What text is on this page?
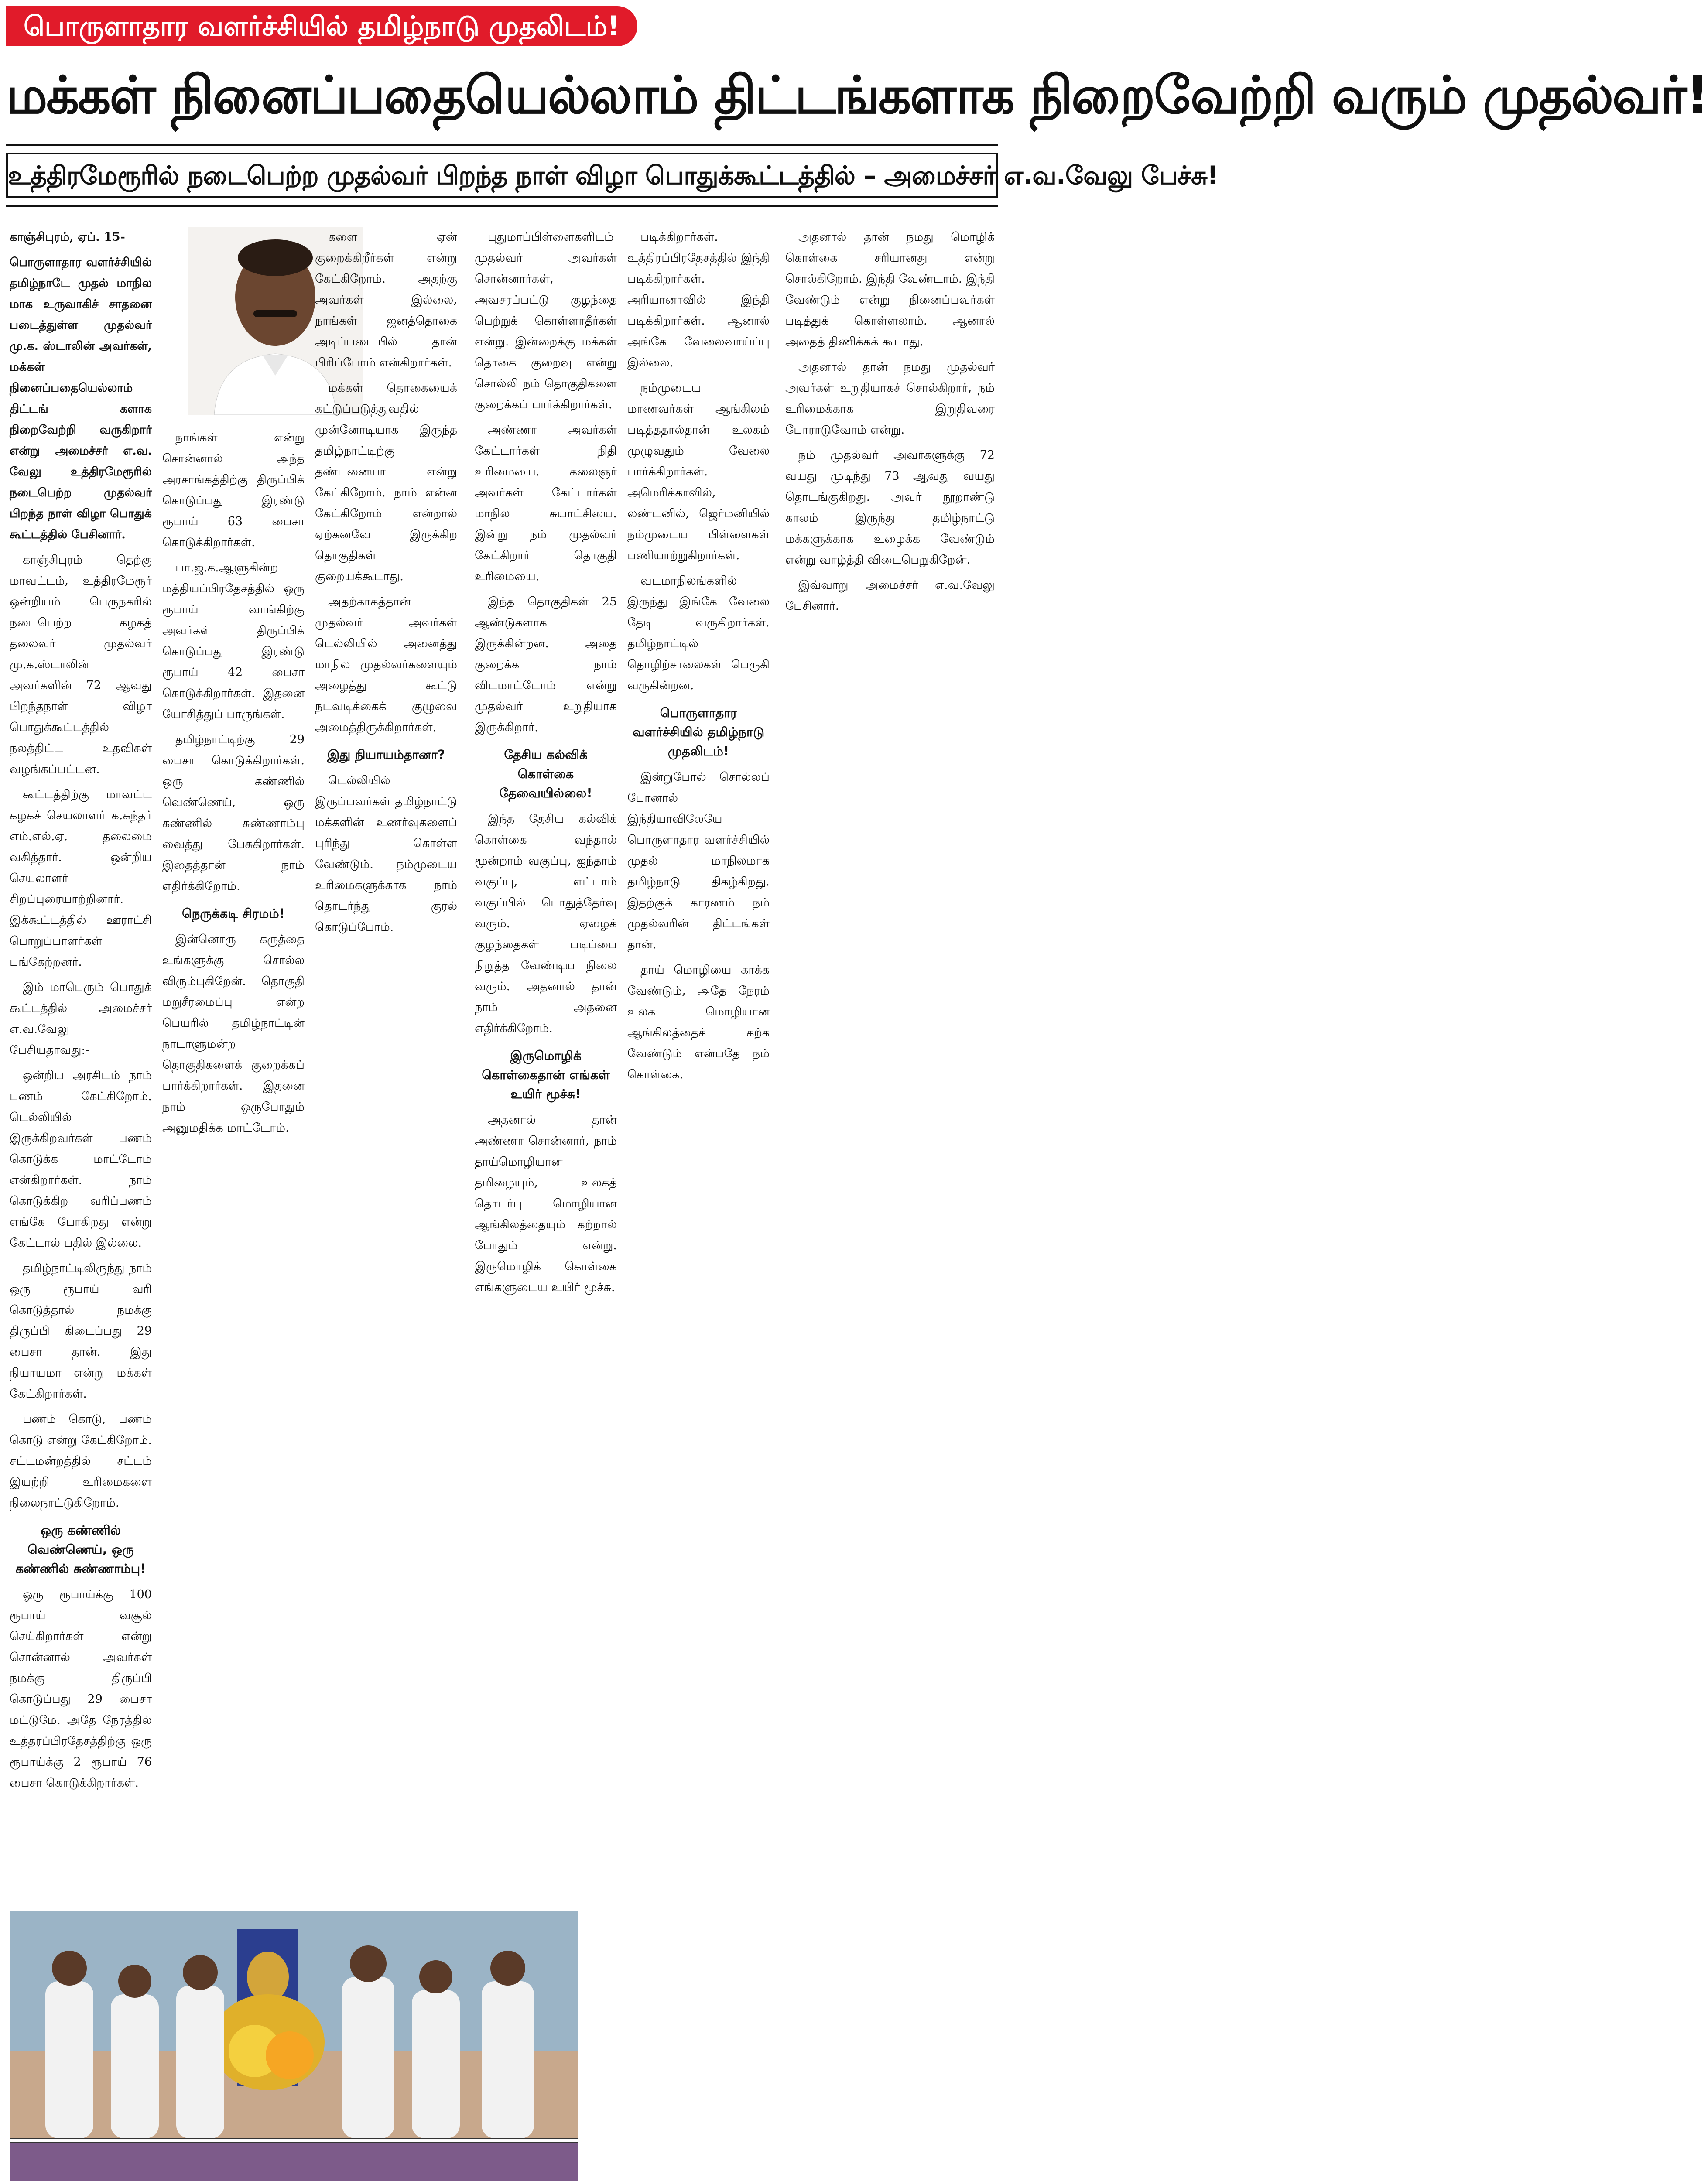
பொருளாதார வளர்ச்சியில் தமிழ்நாடு முதலிடம்!
மக்கள் நினைப்பதையெல்லாம் திட்டங்களாக நிறைவேற்றி வரும் முதல்வர்!
உத்திரமேரூரில் நடைபெற்ற முதல்வர் பிறந்த நாள் விழா பொதுக்கூட்டத்தில் – அமைச்சர் எ.வ.வேலு பேச்சு!

காஞ்சிபுரம், ஏப். 15-

பொருளாதார வளர்ச்சியில் தமிழ்நாடே முதல் மாநில மாக உருவாகிச் சாதனை படைத்துள்ள முதல்வர் மு.க. ஸ்டாலின் அவர்கள், மக்கள் நினைப்பதையெல்லாம் திட்டங் களாக நிறைவேற்றி வருகிறார் என்று அமைச்சர் எ.வ. வேலு உத்திரமேரூரில் நடைபெற்ற முதல்வர் பிறந்த நாள் விழா பொதுக் கூட்டத்தில் பேசினார்.

காஞ்சிபுரம் தெற்கு மாவட்டம், உத்திரமேரூர் ஒன்றியம் பெருநகரில் நடைபெற்ற கழகத் தலைவர் முதல்வர் மு.க.ஸ்டாலின் அவர்களின் 72 ஆவது பிறந்தநாள் விழா பொதுக்கூட்டத்தில் நலத்திட்ட உதவிகள் வழங்கப்பட்டன.

கூட்டத்திற்கு மாவட்ட கழகச் செயலாளர் க.சுந்தர் எம்.எல்.ஏ. தலைமை வகித்தார். ஒன்றிய செயலாளர் சிறப்புரையாற்றினார். இக்கூட்டத்தில் ஊராட்சி பொறுப்பாளர்கள் பங்கேற்றனர்.

இம் மாபெரும் பொதுக் கூட்டத்தில் அமைச்சர் எ.வ.வேலு பேசியதாவது:-

ஒன்றிய அரசிடம் நாம் பணம் கேட்கிறோம். டெல்லியில் இருக்கிறவர்கள் பணம் கொடுக்க மாட்டோம் என்கிறார்கள். நாம் கொடுக்கிற வரிப்பணம் எங்கே போகிறது என்று கேட்டால் பதில் இல்லை.

தமிழ்நாட்டிலிருந்து நாம் ஒரு ரூபாய் வரி கொடுத்தால் நமக்கு திருப்பி கிடைப்பது 29 பைசா தான். இது நியாயமா என்று மக்கள் கேட்கிறார்கள்.

பணம் கொடு, பணம் கொடு என்று கேட்கிறோம். சட்டமன்றத்தில் சட்டம் இயற்றி உரிமைகளை நிலைநாட்டுகிறோம்.

ஒரு கண்ணில் வெண்ணெய், ஒரு கண்ணில் சுண்ணாம்பு!

ஒரு ரூபாய்க்கு 100 ரூபாய் வசூல் செய்கிறார்கள் என்று சொன்னால் அவர்கள் நமக்கு திருப்பி கொடுப்பது 29 பைசா மட்டுமே. அதே நேரத்தில் உத்தரப்பிரதேசத்திற்கு ஒரு ரூபாய்க்கு 2 ரூபாய் 76 பைசா கொடுக்கிறார்கள்.

நாங்கள் என்று சொன்னால் அந்த அரசாங்கத்திற்கு திருப்பிக் கொடுப்பது இரண்டு ரூபாய் 63 பைசா கொடுக்கிறார்கள்.

பா.ஜ.க.ஆளுகின்ற மத்தியப்பிரதேசத்தில் ஒரு ரூபாய் வாங்கிற்கு அவர்கள் திருப்பிக் கொடுப்பது இரண்டு ரூபாய் 42 பைசா கொடுக்கிறார்கள். இதனை யோசித்துப் பாருங்கள்.

தமிழ்நாட்டிற்கு 29 பைசா கொடுக்கிறார்கள். ஒரு கண்ணில் வெண்ணெய், ஒரு கண்ணில் சுண்ணாம்பு வைத்து பேசுகிறார்கள். இதைத்தான் நாம் எதிர்க்கிறோம்.

நெருக்கடி சிரமம்!

இன்னொரு கருத்தை உங்களுக்கு சொல்ல விரும்புகிறேன். தொகுதி மறுசீரமைப்பு என்ற பெயரில் தமிழ்நாட்டின் நாடாளுமன்ற தொகுதிகளைக் குறைக்கப் பார்க்கிறார்கள். இதனை நாம் ஒருபோதும் அனுமதிக்க மாட்டோம்.

களை ஏன் குறைக்கிறீர்கள் என்று கேட்கிறோம். அதற்கு அவர்கள் இல்லை, நாங்கள் ஜனத்தொகை அடிப்படையில் தான் பிரிப்போம் என்கிறார்கள்.

மக்கள் தொகையைக் கட்டுப்படுத்துவதில் முன்னோடியாக இருந்த தமிழ்நாட்டிற்கு தண்டனையா என்று கேட்கிறோம். நாம் என்ன கேட்கிறோம் என்றால் ஏற்கனவே இருக்கிற தொகுதிகள் குறையக்கூடாது.

அதற்காகத்தான் முதல்வர் அவர்கள் டெல்லியில் அனைத்து மாநில முதல்வர்களையும் அழைத்து கூட்டு நடவடிக்கைக் குழுவை அமைத்திருக்கிறார்கள்.

இது நியாயம்தானா?

டெல்லியில் இருப்பவர்கள் தமிழ்நாட்டு மக்களின் உணர்வுகளைப் புரிந்து கொள்ள வேண்டும். நம்முடைய உரிமைகளுக்காக நாம் தொடர்ந்து குரல் கொடுப்போம்.

புதுமாப்பிள்ளைகளிடம் முதல்வர் அவர்கள் சொன்னார்கள், அவசரப்பட்டு குழந்தை பெற்றுக் கொள்ளாதீர்கள் என்று. இன்றைக்கு மக்கள் தொகை குறைவு என்று சொல்லி நம் தொகுதிகளை குறைக்கப் பார்க்கிறார்கள்.

அண்ணா அவர்கள் கேட்டார்கள் நிதி உரிமையை. கலைஞர் அவர்கள் கேட்டார்கள் மாநில சுயாட்சியை. இன்று நம் முதல்வர் கேட்கிறார் தொகுதி உரிமையை.

இந்த தொகுதிகள் 25 ஆண்டுகளாக இருக்கின்றன. அதை குறைக்க நாம் விடமாட்டோம் என்று முதல்வர் உறுதியாக இருக்கிறார்.

தேசிய கல்விக் கொள்கை தேவையில்லை!

இந்த தேசிய கல்விக் கொள்கை வந்தால் மூன்றாம் வகுப்பு, ஐந்தாம் வகுப்பு, எட்டாம் வகுப்பில் பொதுத்தேர்வு வரும். ஏழைக் குழந்தைகள் படிப்பை நிறுத்த வேண்டிய நிலை வரும். அதனால் தான் நாம் அதனை எதிர்க்கிறோம்.

இருமொழிக் கொள்கைதான் எங்கள் உயிர் மூச்சு!

அதனால் தான் அண்ணா சொன்னார், நாம் தாய்மொழியான தமிழையும், உலகத் தொடர்பு மொழியான ஆங்கிலத்தையும் கற்றால் போதும் என்று. இருமொழிக் கொள்கை எங்களுடைய உயிர் மூச்சு.

படிக்கிறார்கள். உத்திரப்பிரதேசத்தில் இந்தி படிக்கிறார்கள். அரியானாவில் இந்தி படிக்கிறார்கள். ஆனால் அங்கே வேலைவாய்ப்பு இல்லை.

நம்முடைய மாணவர்கள் ஆங்கிலம் படித்ததால்தான் உலகம் முழுவதும் வேலை பார்க்கிறார்கள். அமெரிக்காவில், லண்டனில், ஜெர்மனியில் நம்முடைய பிள்ளைகள் பணியாற்றுகிறார்கள்.

வடமாநிலங்களில் இருந்து இங்கே வேலை தேடி வருகிறார்கள். தமிழ்நாட்டில் தொழிற்சாலைகள் பெருகி வருகின்றன.

பொருளாதார வளர்ச்சியில் தமிழ்நாடு முதலிடம்!

இன்றுபோல் சொல்லப் போனால் இந்தியாவிலேயே பொருளாதார வளர்ச்சியில் முதல் மாநிலமாக தமிழ்நாடு திகழ்கிறது. இதற்குக் காரணம் நம் முதல்வரின் திட்டங்கள் தான்.

தாய் மொழியை காக்க வேண்டும், அதே நேரம் உலக மொழியான ஆங்கிலத்தைக் கற்க வேண்டும் என்பதே நம் கொள்கை.

அதனால் தான் நமது மொழிக் கொள்கை சரியானது என்று சொல்கிறோம். இந்தி வேண்டாம். இந்தி வேண்டும் என்று நினைப்பவர்கள் படித்துக் கொள்ளலாம். ஆனால் அதைத் திணிக்கக் கூடாது.

அதனால் தான் நமது முதல்வர் அவர்கள் உறுதியாகச் சொல்கிறார், நம் உரிமைக்காக இறுதிவரை போராடுவோம் என்று.

நம் முதல்வர் அவர்களுக்கு 72 வயது முடிந்து 73 ஆவது வயது தொடங்குகிறது. அவர் நூறாண்டு காலம் இருந்து தமிழ்நாட்டு மக்களுக்காக உழைக்க வேண்டும் என்று வாழ்த்தி விடைபெறுகிறேன்.

இவ்வாறு அமைச்சர் எ.வ.வேலு பேசினார்.
